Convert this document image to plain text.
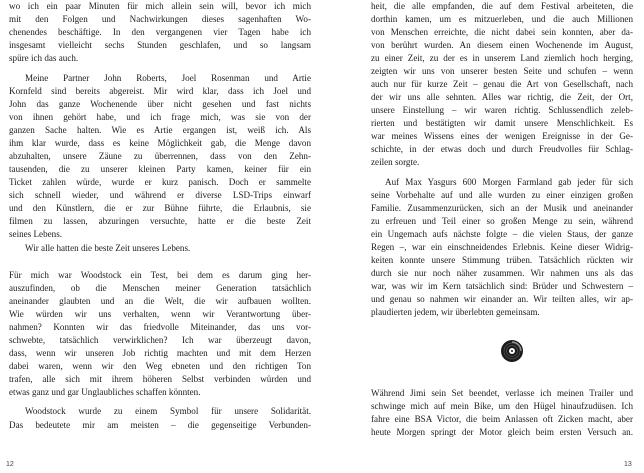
wo ich ein paar Minuten für mich allein sein will, bevor ich mich
mit den Folgen und Nachwirkungen dieses sagenhaften Wo-
chenendes beschäftige. In den vergangenen vier Tagen habe ich
insgesamt vielleicht sechs Stunden geschlafen, und so langsam
spüre ich das auch.
Meine Partner John Roberts, Joel Rosenman und Artie
Kornfeld sind bereits abgereist. Mir wird klar, dass ich Joel und
John das ganze Wochenende über nicht gesehen und fast nichts
von ihnen gehört habe, und ich frage mich, was sie von der
ganzen Sache halten. Wie es Artie ergangen ist, weiß ich. Als
ihm klar wurde, dass es keine Möglichkeit gab, die Menge davon
abzuhalten, unsere Zäune zu überrennen, dass von den Zehn-
tausenden, die zu unserer kleinen Party kamen, keiner für ein
Ticket zahlen würde, wurde er kurz panisch. Doch er sammelte
sich schnell wieder, und während er diverse LSD-Trips einwarf
und den Künstlern, die er zur Bühne führte, die Erlaubnis, sie
filmen zu lassen, abzuringen versuchte, hatte er die beste Zeit
seines Lebens.
Wir alle hatten die beste Zeit unseres Lebens.
Für mich war Woodstock ein Test, bei dem es darum ging her-
auszufinden, ob die Menschen meiner Generation tatsächlich
aneinander glaubten und an die Welt, die wir aufbauen wollten.
Wie würden wir uns verhalten, wenn wir Verantwortung über-
nahmen? Konnten wir das friedvolle Miteinander, das uns vor-
schwebte, tatsächlich verwirklichen? Ich war überzeugt davon,
dass, wenn wir unseren Job richtig machten und mit dem Herzen
dabei waren, wenn wir den Weg ebneten und den richtigen Ton
trafen, alle sich mit ihrem höheren Selbst verbinden würden und
etwas ganz und gar Unglaubliches schaffen könnten.
Woodstock wurde zu einem Symbol für unsere Solidarität.
Das bedeutete mir am meisten – die gegenseitige Verbunden-
12
heit, die alle empfanden, die auf dem Festival arbeiteten, die
dorthin kamen, um es mitzuerleben, und die auch Millionen
von Menschen erreichte, die nicht dabei sein konnten, aber da-
von berührt wurden. An diesem einen Wochenende im August,
zu einer Zeit, zu der es in unserem Land ziemlich hoch herging,
zeigten wir uns von unserer besten Seite und schufen – wenn
auch nur für kurze Zeit – genau die Art von Gesellschaft, nach
der wir uns alle sehnten. Alles war richtig, die Zeit, der Ort,
unsere Einstellung – wir waren richtig. Schlussendlich zeleb-
rierten und bestätigten wir damit unsere Menschlichkeit. Es
war meines Wissens eines der wenigen Ereignisse in der Ge-
schichte, in der etwas doch und durch Freudvolles für Schlag-
zeilen sorgte.
Auf Max Yasgurs 600 Morgen Farmland gab jeder für sich
seine Vorbehalte auf und alle wurden zu einer einzigen großen
Familie. Zusammenzurücken, sich an der Musik und aneinander
zu erfreuen und Teil einer so großen Menge zu sein, während
ein Ungemach aufs nächste folgte – die vielen Staus, der ganze
Regen –, war ein einschneidendes Erlebnis. Keine dieser Widrig-
keiten konnte unsere Stimmung trüben. Tatsächlich rückten wir
durch sie nur noch näher zusammen. Wir nahmen uns als das
war, was wir im Kern tatsächlich sind: Brüder und Schwestern –
und genau so nahmen wir einander an. Wir teilten alles, wir ap-
plaudierten jedem, wir überlebten gemeinsam.
Während Jimi sein Set beendet, verlasse ich meinen Trailer und
schwinge mich auf mein Bike, um den Hügel hinaufzudüsen. Ich
fahre eine BSA Victor, die beim Anlassen oft Zicken macht, aber
heute Morgen springt der Motor gleich beim ersten Versuch an.
13
